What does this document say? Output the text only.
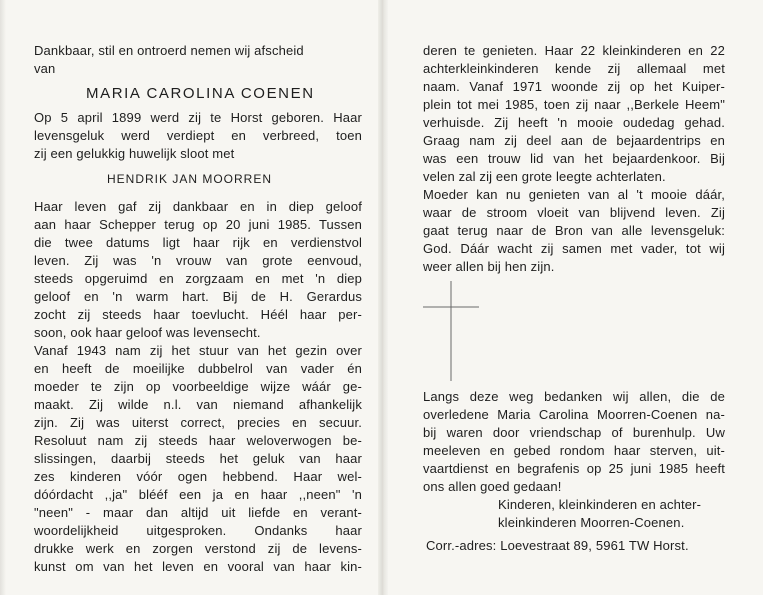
Dankbaar, stil en ontroerd nemen wij afscheid
van
MARIA CAROLINA COENEN
Op 5 april 1899 werd zij te Horst geboren. Haar
levensgeluk werd verdiept en verbreed, toen
zij een gelukkig huwelijk sloot met
HENDRIK JAN MOORREN
Haar leven gaf zij dankbaar en in diep geloof
aan haar Schepper terug op 20 juni 1985. Tussen
die twee datums ligt haar rijk en verdienstvol
leven. Zij was 'n vrouw van grote eenvoud,
steeds opgeruimd en zorgzaam en met 'n diep
geloof en 'n warm hart. Bij de H. Gerardus
zocht zij steeds haar toevlucht. Héél haar per-
soon, ook haar geloof was levensecht.
Vanaf 1943 nam zij het stuur van het gezin over
en heeft de moeilijke dubbelrol van vader én
moeder te zijn op voorbeeldige wijze wáár ge-
maakt. Zij wilde n.l. van niemand afhankelijk
zijn. Zij was uiterst correct, precies en secuur.
Resoluut nam zij steeds haar weloverwogen be-
slissingen, daarbij steeds het geluk van haar
zes kinderen vóór ogen hebbend. Haar wel-
dóórdacht ,,ja" blééf een ja en haar ,,neen" 'n
"neen" - maar dan altijd uit liefde en verant-
woordelijkheid uitgesproken. Ondanks haar
drukke werk en zorgen verstond zij de levens-
kunst om van het leven en vooral van haar kin-
deren te genieten. Haar 22 kleinkinderen en 22
achterkleinkinderen kende zij allemaal met
naam. Vanaf 1971 woonde zij op het Kuiper-
plein tot mei 1985, toen zij naar ,,Berkele Heem"
verhuisde. Zij heeft 'n mooie oudedag gehad.
Graag nam zij deel aan de bejaardentrips en
was een trouw lid van het bejaardenkoor. Bij
velen zal zij een grote leegte achterlaten.
Moeder kan nu genieten van al 't mooie dáár,
waar de stroom vloeit van blijvend leven. Zij
gaat terug naar de Bron van alle levensgeluk:
God. Dáár wacht zij samen met vader, tot wij
weer allen bij hen zijn.
Langs deze weg bedanken wij allen, die de
overledene Maria Carolina Moorren-Coenen na-
bij waren door vriendschap of burenhulp. Uw
meeleven en gebed rondom haar sterven, uit-
vaartdienst en begrafenis op 25 juni 1985 heeft
ons allen goed gedaan!
Kinderen, kleinkinderen en achter-
kleinkinderen Moorren-Coenen.
Corr.-adres: Loevestraat 89, 5961 TW Horst.
